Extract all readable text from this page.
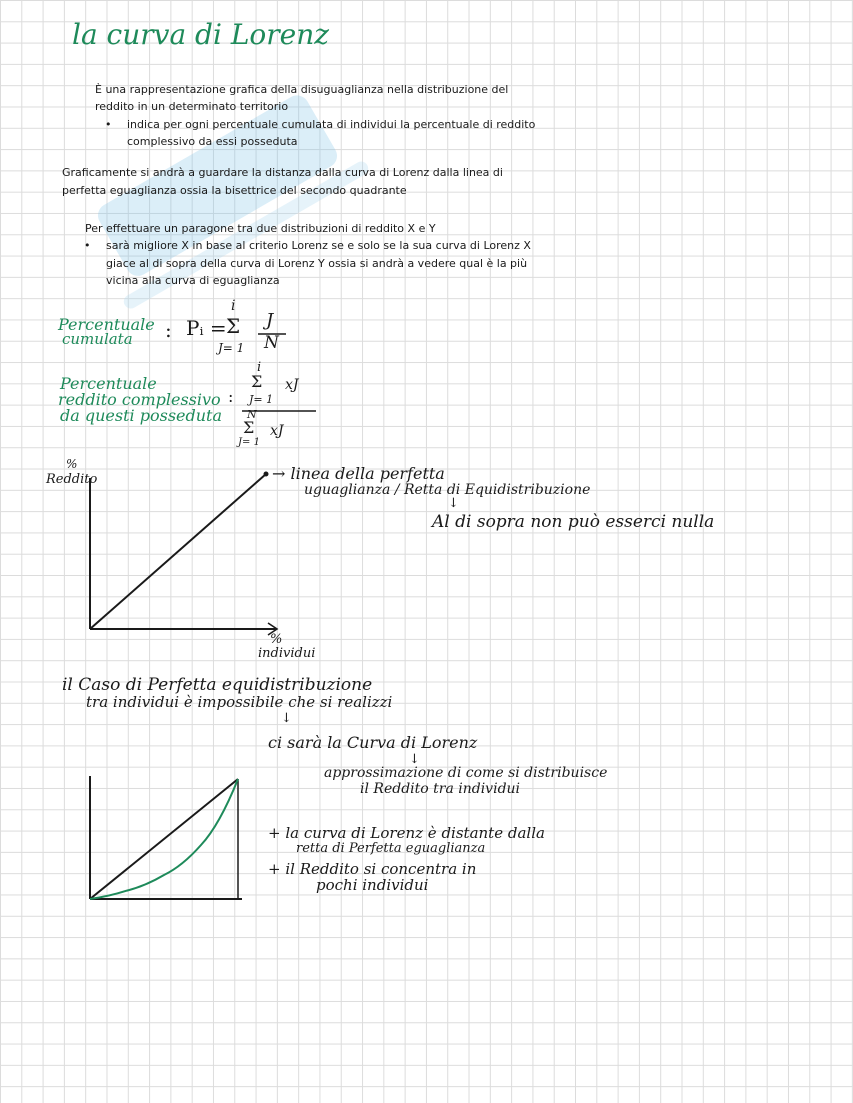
la curva di Lorenz
È una rappresentazione grafica della disuguaglianza nella distribuzione del
reddito in un determinato territorio
• indica per ogni percentuale cumulata di individui la percentuale di reddito
complessivo da essi posseduta
Graficamente si andrà a guardare la distanza dalla curva di Lorenz dalla linea di
perfetta eguaglianza ossia la bisettrice del secondo quadrante
Per effettuare un paragone tra due distribuzioni di reddito X e Y
• sarà migliore X in base al criterio Lorenz se e solo se la sua curva di Lorenz X
giace al di sopra della curva di Lorenz Y ossia si andrà a vedere qual è la più
vicina alla curva di eguaglianza
Percentuale
cumulata : Pᵢ =
i
Σ
J= 1
J
N
Percentuale
reddito complessivo
da questi posseduta
:
i
Σ
J= 1
xJ
N
Σ
J= 1
xJ
%
Reddito
%
individui
→ linea della perfetta
uguaglianza / Retta di Equidistribuzione
↓
Al di sopra non può esserci nulla
il Caso di Perfetta equidistribuzione
tra individui è impossibile che si realizzi
↓
ci sarà la Curva di Lorenz
↓
approssimazione di come si distribuisce
il Reddito tra individui
+ la curva di Lorenz è distante dalla
retta di Perfetta eguaglianza
+ il Reddito si concentra in
pochi individui
